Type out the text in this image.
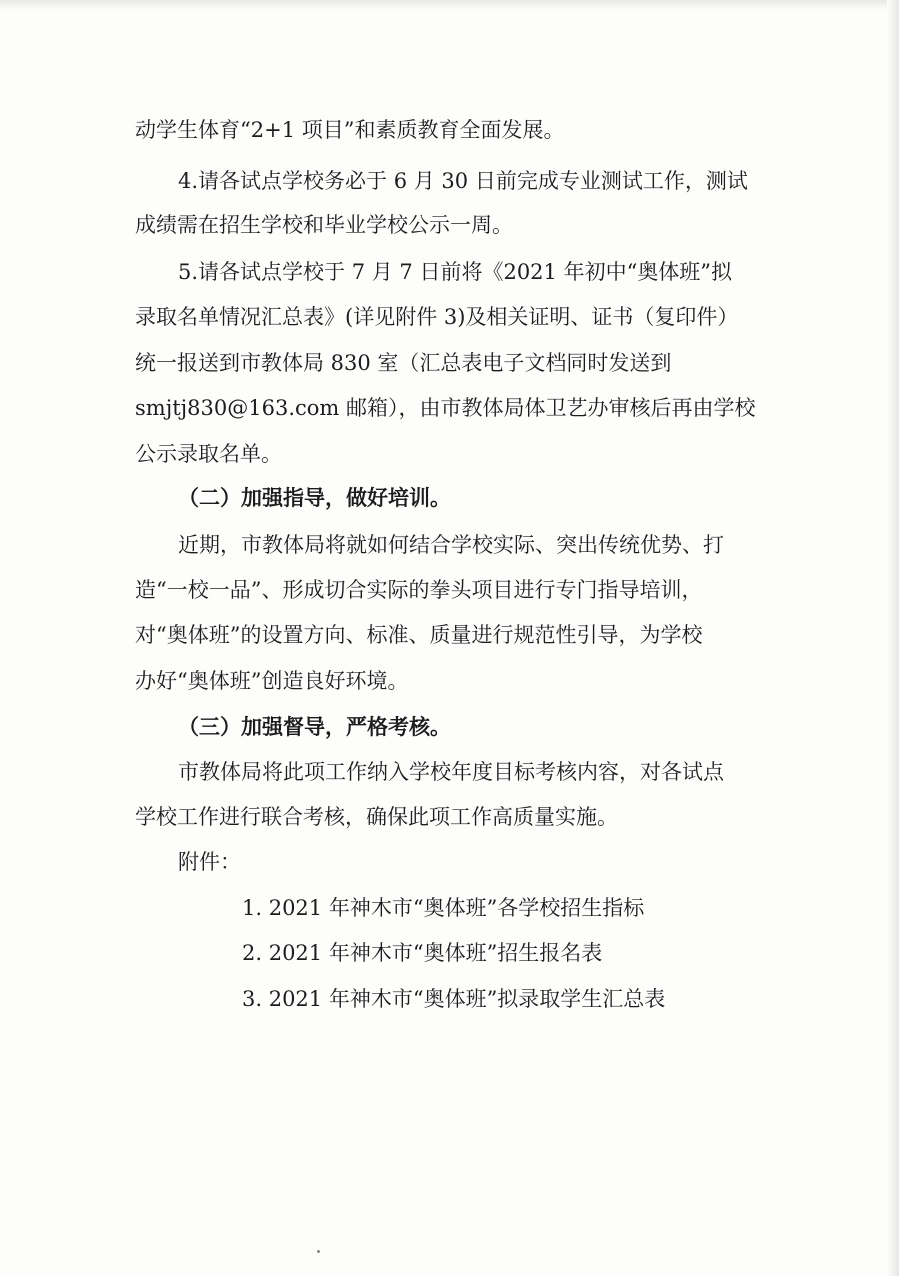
动学生体育“2+1 项目”和素质教育全面发展。
4.请各试点学校务必于 6 月 30 日前完成专业测试工作，测试
成绩需在招生学校和毕业学校公示一周。
5.请各试点学校于 7 月 7 日前将《2021 年初中“奥体班”拟
录取名单情况汇总表》(详见附件 3)及相关证明、证书（复印件）
统一报送到市教体局 830 室（汇总表电子文档同时发送到
smjtj830@163.com 邮箱），由市教体局体卫艺办审核后再由学校
公示录取名单。
（二）加强指导，做好培训。
近期，市教体局将就如何结合学校实际、突出传统优势、打
造“一校一品”、形成切合实际的拳头项目进行专门指导培训，
对“奥体班”的设置方向、标准、质量进行规范性引导，为学校
办好“奥体班”创造良好环境。
（三）加强督导，严格考核。
市教体局将此项工作纳入学校年度目标考核内容，对各试点
学校工作进行联合考核，确保此项工作高质量实施。
附件：
1. 2021 年神木市“奥体班”各学校招生指标
2. 2021 年神木市“奥体班”招生报名表
3. 2021 年神木市“奥体班”拟录取学生汇总表
